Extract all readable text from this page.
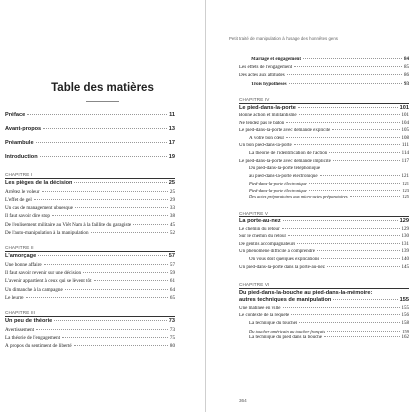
Table des matières
Préface	11
Avant-propos	13
Préambule	17
Introduction	19
CHAPITRE I
Les pièges de la décision	25
Arrêtez le voleur	25
L'effet de gel	29
Un cas de management ubuesque	33
Il faut savoir dire stop	38
De l'enlisement militaire au Viêt Nam à la faillite du garagiste	45
De l'auto-manipulation à la manipulation	52
CHAPITRE II
L'amorçage	57
Une bonne affaire	57
Il faut savoir revenir sur une décision	59
L'avenir appartient à ceux qui se lèvent tôt	61
Un dimanche à la campagne	64
Le leurre	65
CHAPITRE III
Un peu de théorie	73
Avertissement	73
La théorie de l'engagement	75
À propos du sentiment de liberté	80
Petit traité de manipulation à l'usage des honnêtes gens
Mariage et engagement	84
Les effets de l'engagement	85
Des actes aux attitudes	86
Trois hypothèses	93
CHAPITRE IV
Le pied-dans-la-porte	101
Bonne action et militantisme	101
Ne tendez pas le bâton	104
Le pied-dans-la-porte avec demande explicite	105
À votre bon cœur	108
Un bon pied-dans-la-porte	111
La théorie de l'identification de l'action	114
Le pied-dans-la-porte avec demande implicite	117
Du pied-dans-la-porte téléphonique
au pied-dans-la-porte électronique	121
Pied-dans-la-porte électronique	121
Pied-dans-la-porte électronique	123
Des actes préparatoires aux micro-actes préparatoires	125
CHAPITRE V
La porte-au-nez	129
Le chemin du retour	129
Sur le chemin du retour	130
De gentils accompagnateurs	131
Un phénomène difficile à comprendre	139
On vous doit quelques explications	140
Un pied-dans-la-porte dans la porte-au-nez	145
CHAPITRE VI
Du pied-dans-la-bouche au pied-dans-la-mémoire:
autres techniques de manipulation	155
Une matinée en ville	155
Le contexte de la requête	156
La technique du toucher	158
Du toucher américain au toucher français	159
La technique du pied dans la bouche	162
364
